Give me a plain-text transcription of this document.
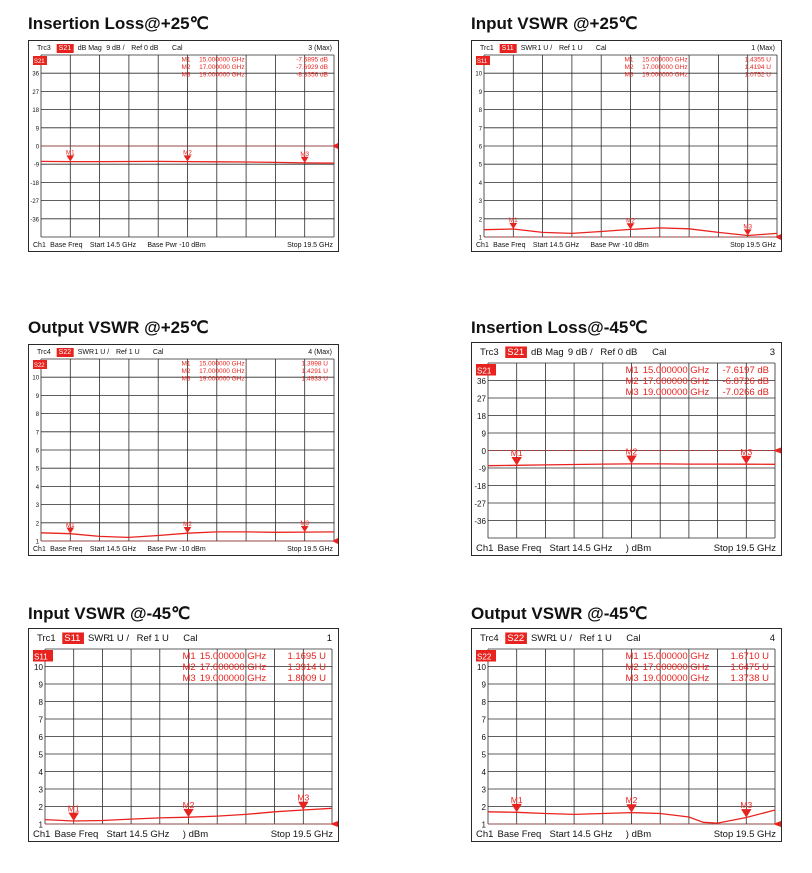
Insertion Loss@+25℃
Trc3 S21 dB Mag 9 dB / Ref 0 dB Cal	3 (Max)
36
27
18
9
0
-9
-18
-27
-36
S21	M1 15.000000 GHz	-7.6895 dB
M2 17.000000 GHz	-7.6929 dB
M3 19.000000 GHz	-8.3356 dB
M1	M2	M3
Ch1 Base Freq Start 14.5 GHz Base Pwr -10 dBm	Stop 19.5 GHz
Input VSWR @+25℃
Trc1 S11 SWR 1 U / Ref 1 U Cal	1 (Max)
10
9
8
7
6
5
4
3
2
1
S11	M1 15.000000 GHz	1.4355 U
M2 17.000000 GHz	1.4194 U
M3 19.000000 GHz	1.0752 U
M1	M2
M3
Ch1 Base Freq Start 14.5 GHz Base Pwr -10 dBm	Stop 19.5 GHz
Output VSWR @+25℃
Trc4 S22 SWR 1 U / Ref 1 U Cal	4 (Max)
10
9
8
7
6
5
4
3
2
1
S22	M1 15.000000 GHz	1.3998 U
M2 17.000000 GHz	1.4291 U
M3 19.000000 GHz	1.4933 U
M1	M2	M3
Ch1 Base Freq Start 14.5 GHz Base Pwr -10 dBm	Stop 19.5 GHz
Insertion Loss@-45℃
Trc3 S21 dB Mag 9 dB / Ref 0 dB Cal	3
36
27
18
9
0
-9
-18
-27
-36
S21	M1 15.000000 GHz -7.6197 dB
M2 17.000000 GHz -6.8726 dB
M3 19.000000 GHz -7.0266 dB
M1	M2	M3
Ch1 Base Freq Start 14.5 GHz ) dBm	Stop 19.5 GHz
Input VSWR @-45℃
Trc1 S11 SWR
1 U / Ref 1 U Cal	1
10
9
8
7
6
5
4
3
2
1
S11	M1 15.000000 GHz 1.1695 U
M2 17.000000 GHz 1.3914 U
M3 19.000000 GHz 1.8009 U
M1	M2
M3
Ch1 Base Freq Start 14.5 GHz ) dBm	Stop 19.5 GHz
Output VSWR @-45℃
Trc4 S22 SWR
1 U / Ref 1 U Cal	4
10
9
8
7
6
5
4
3
2
1
S22	M1 15.000000 GHz 1.6710 U
M2 17.000000 GHz 1.6475 U
M3 19.000000 GHz 1.3738 U
M1	M2	M3
Ch1 Base Freq Start 14.5 GHz ) dBm	Stop 19.5 GHz
